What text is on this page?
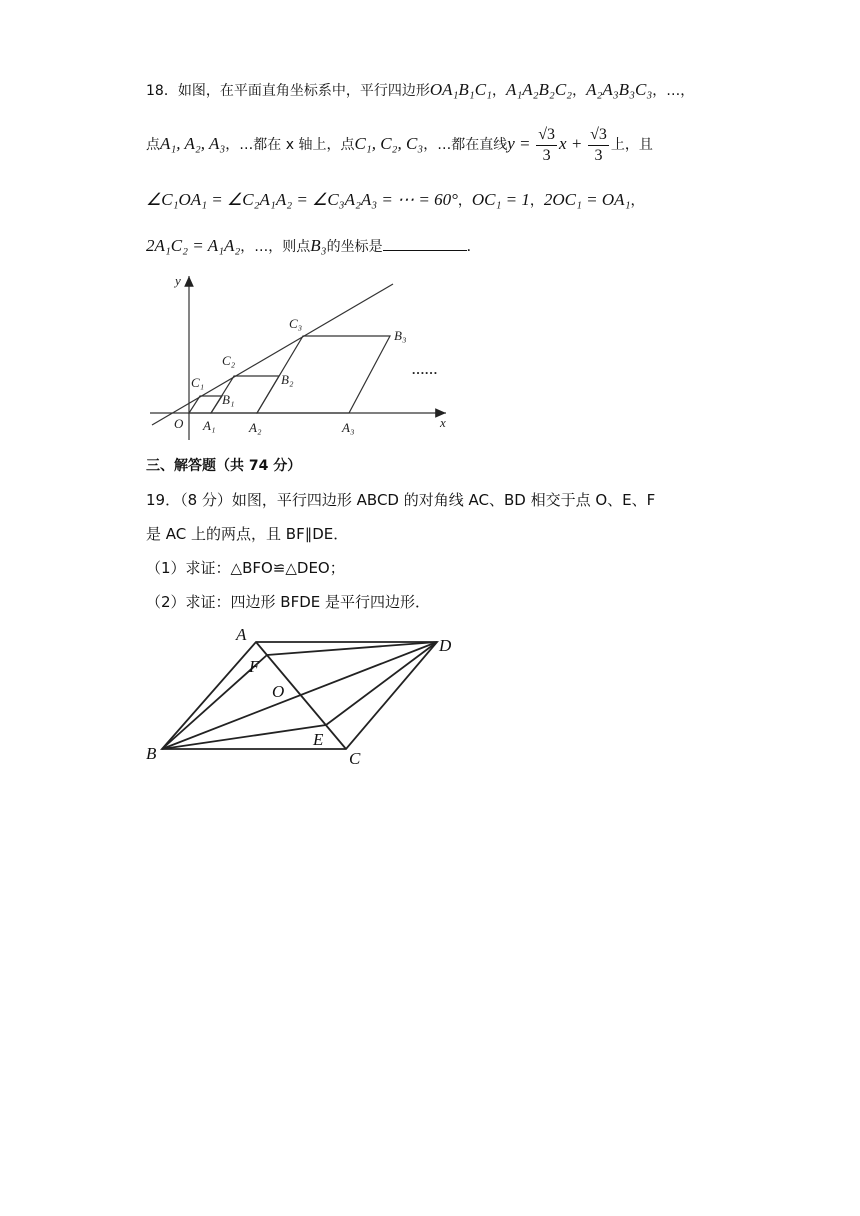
18．如图，在平面直角坐标系中，平行四边形OA₁B₁C₁，A₁A₂B₂C₂，A₂A₃B₃C₃，…，
点A₁, A₂, A₃，…都在 x 轴上，点C₁, C₂, C₃，…都在直线$y = \frac{√3}{3}$ $x + \frac{√3}{3}$ 上，且
∠C₁OA₁ = ∠C₂A₁A₂ = ∠C₃A₂A₃ = ⋯ = 60°，OC₁ = 1，2OC₁ = OA₁，
2A₁C₂ = A₁A₂，…，则点B₃的坐标是	．
y
x
O
C₁
C₂
C₃
B₁
B₂
B₃
A₁	A₂	A₃
……
三、解答题（共 74 分）
19．（8 分）如图，平行四边形 ABCD 的对角线 AC、BD 相交于点 O、E、F
是 AC 上的两点，且 BF∥DE．
（1）求证：△BFO≌△DEO；
（2）求证：四边形 BFDE 是平行四边形．
A
D
B	C
F
O
E
